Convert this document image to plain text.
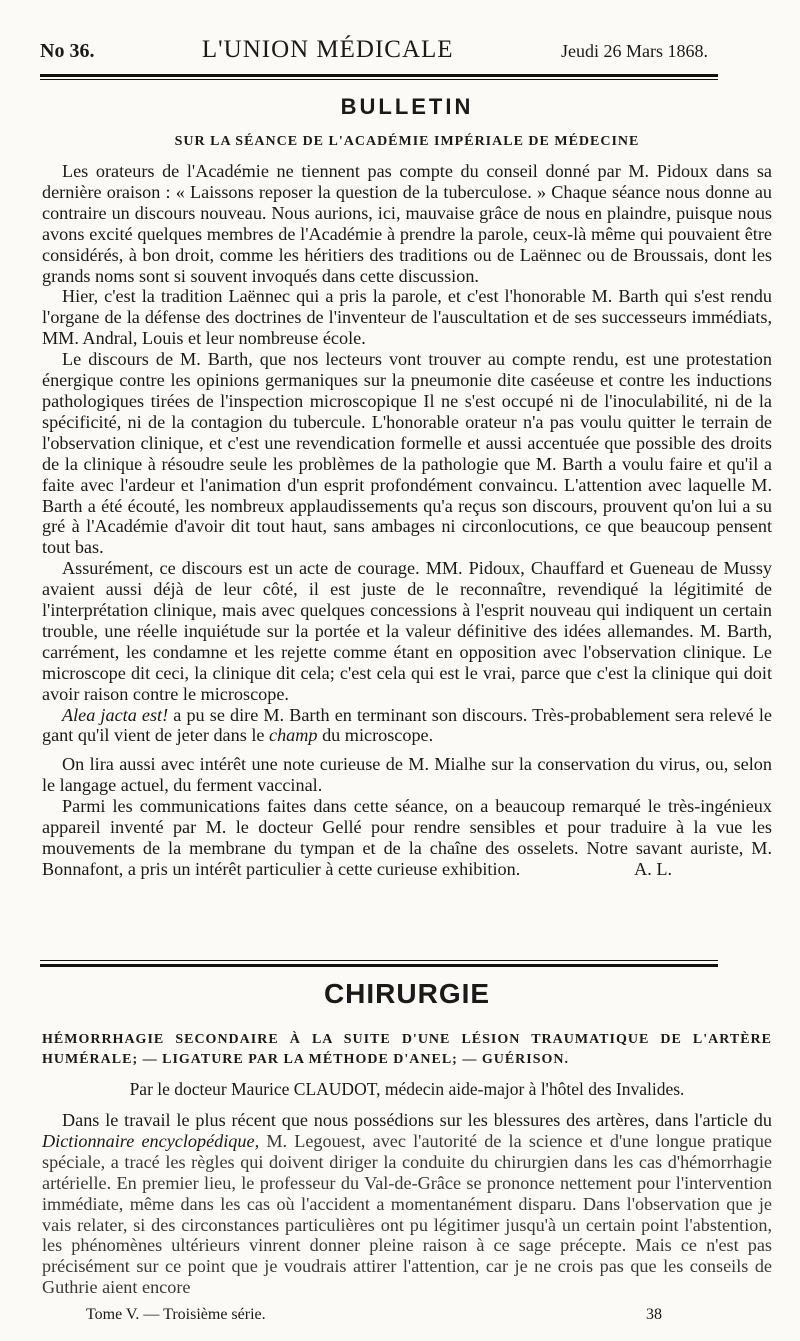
No 36.	L'UNION MÉDICALE	Jeudi 26 Mars 1868.
BULLETIN
SUR LA SÉANCE DE L'ACADÉMIE IMPÉRIALE DE MÉDECINE

Les orateurs de l'Académie ne tiennent pas compte du conseil donné par M. Pidoux dans sa dernière oraison : « Laissons reposer la question de la tuberculose. » Chaque séance nous donne au contraire un discours nouveau. Nous aurions, ici, mauvaise grâce de nous en plaindre, puisque nous avons excité quelques membres de l'Académie à prendre la parole, ceux-là même qui pouvaient être considérés, à bon droit, comme les héritiers des traditions ou de Laënnec ou de Broussais, dont les grands noms sont si souvent invoqués dans cette discussion.

Hier, c'est la tradition Laënnec qui a pris la parole, et c'est l'honorable M. Barth qui s'est rendu l'organe de la défense des doctrines de l'inventeur de l'auscultation et de ses successeurs immédiats, MM. Andral, Louis et leur nombreuse école.

Le discours de M. Barth, que nos lecteurs vont trouver au compte rendu, est une protestation énergique contre les opinions germaniques sur la pneumonie dite caséeuse et contre les inductions pathologiques tirées de l'inspection microscopique Il ne s'est occupé ni de l'inoculabilité, ni de la spécificité, ni de la contagion du tubercule. L'honorable orateur n'a pas voulu quitter le terrain de l'observation clinique, et c'est une revendication formelle et aussi accentuée que possible des droits de la clinique à résoudre seule les problèmes de la pathologie que M. Barth a voulu faire et qu'il a faite avec l'ardeur et l'animation d'un esprit profondément convaincu. L'attention avec laquelle M. Barth a été écouté, les nombreux applaudissements qu'a reçus son discours, prouvent qu'on lui a su gré à l'Académie d'avoir dit tout haut, sans ambages ni circonlocutions, ce que beaucoup pensent tout bas.

Assurément, ce discours est un acte de courage. MM. Pidoux, Chauffard et Gueneau de Mussy avaient aussi déjà de leur côté, il est juste de le reconnaître, revendiqué la légitimité de l'interprétation clinique, mais avec quelques concessions à l'esprit nouveau qui indiquent un certain trouble, une réelle inquiétude sur la portée et la valeur définitive des idées allemandes. M. Barth, carrément, les condamne et les rejette comme étant en opposition avec l'observation clinique. Le microscope dit ceci, la clinique dit cela; c'est cela qui est le vrai, parce que c'est la clinique qui doit avoir raison contre le microscope.

Alea jacta est! a pu se dire M. Barth en terminant son discours. Très-probablement sera relevé le gant qu'il vient de jeter dans le champ du microscope.

On lira aussi avec intérêt une note curieuse de M. Mialhe sur la conservation du virus, ou, selon le langage actuel, du ferment vaccinal.

Parmi les communications faites dans cette séance, on a beaucoup remarqué le très-ingénieux appareil inventé par M. le docteur Gellé pour rendre sensibles et pour traduire à la vue les mouvements de la membrane du tympan et de la chaîne des osselets. Notre savant auriste, M. Bonnafont, a pris un intérêt particulier à cette curieuse exhibition.	A. L.

CHIRURGIE
HÉMORRHAGIE SECONDAIRE À LA SUITE D'UNE LÉSION TRAUMATIQUE DE L'ARTÈRE HUMÉRALE; — LIGATURE PAR LA MÉTHODE D'ANEL; — GUÉRISON.
Par le docteur Maurice CLAUDOT, médecin aide-major à l'hôtel des Invalides.

Dans le travail le plus récent que nous possédions sur les blessures des artères, dans l'article du Dictionnaire encyclopédique, M. Legouest, avec l'autorité de la science et d'une longue pratique spéciale, a tracé les règles qui doivent diriger la conduite du chirurgien dans les cas d'hémorrhagie artérielle. En premier lieu, le professeur du Val-de-Grâce se prononce nettement pour l'intervention immédiate, même dans les cas où l'accident a momentanément disparu. Dans l'observation que je vais relater, si des circonstances particulières ont pu légitimer jusqu'à un certain point l'abstention, les phénomènes ultérieurs vinrent donner pleine raison à ce sage précepte. Mais ce n'est pas précisément sur ce point que je voudrais attirer l'attention, car je ne crois pas que les conseils de Guthrie aient encore

Tome V. — Troisième série.	38
